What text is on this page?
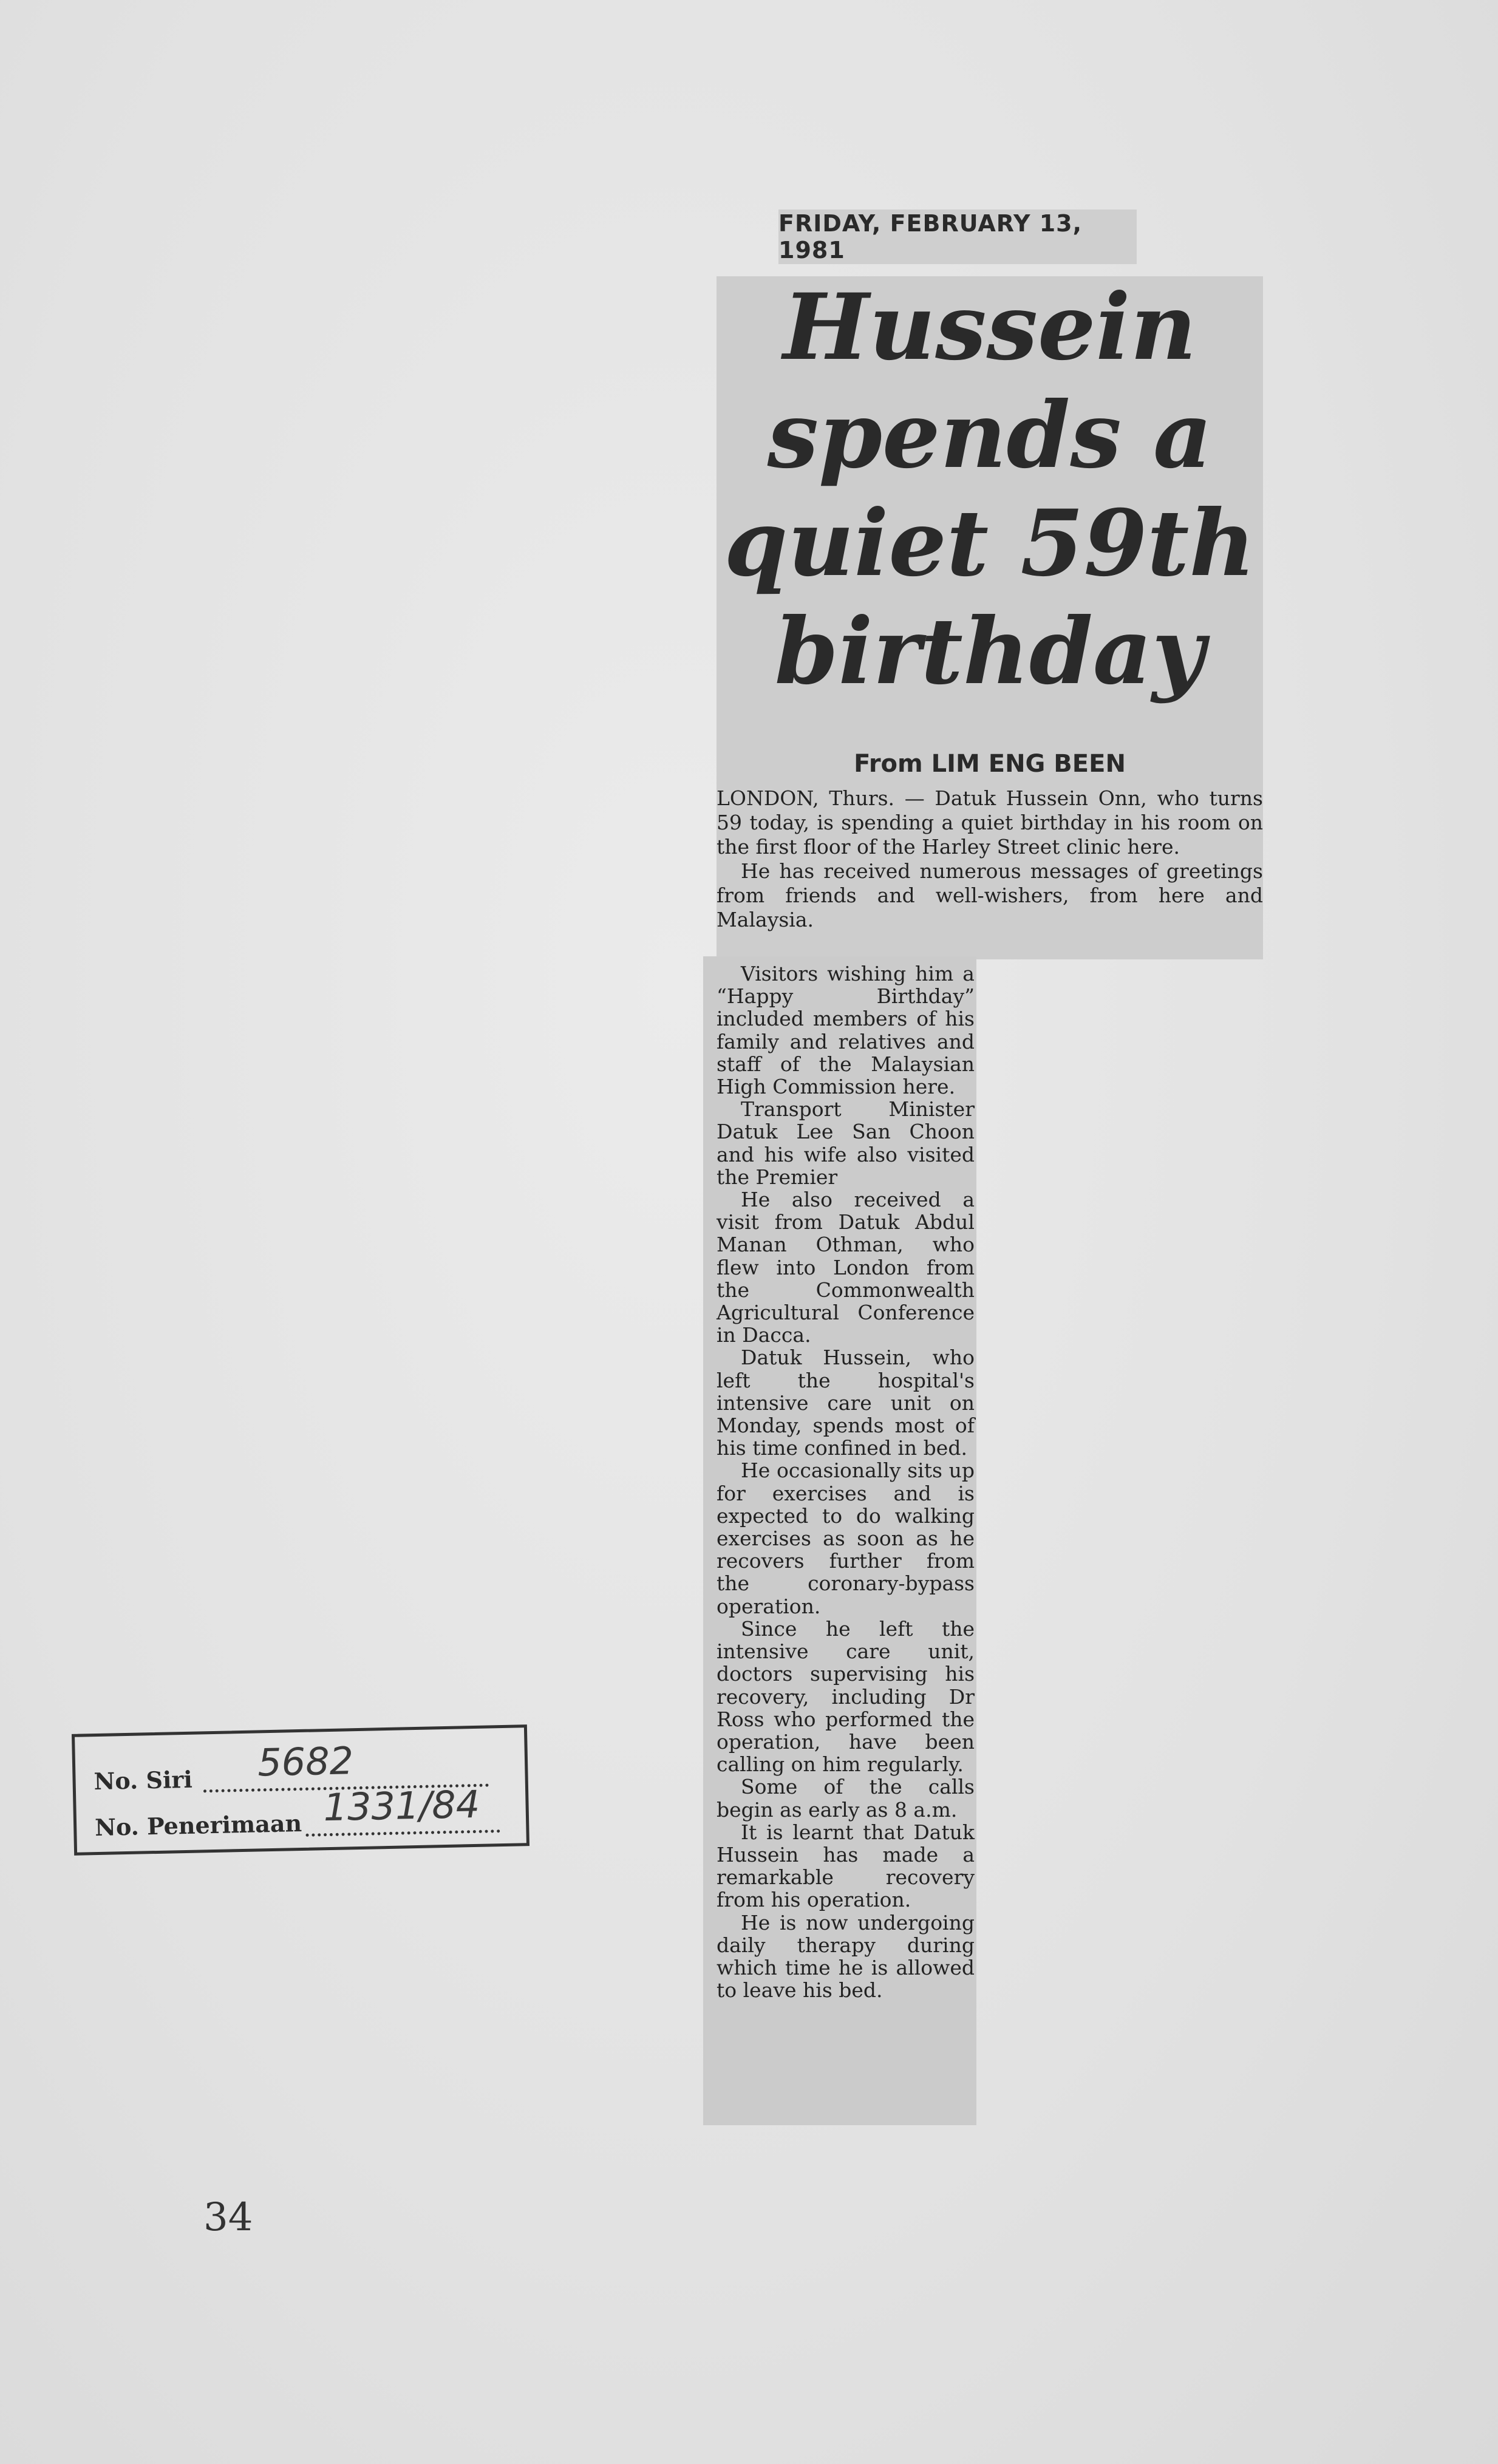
FRIDAY, FEBRUARY 13, 1981
Hussein
spends a
quiet 59th
birthday
From LIM ENG BEEN

LONDON, Thurs. — Datuk Hussein Onn, who turns 59 today, is spending a quiet birthday in his room on the first floor of the Harley Street clinic here.

He has received numerous messages of greetings from friends and well-wishers, from here and Malaysia.

Visitors wishing him a “Happy Birthday” included members of his family and relatives and staff of the Malaysian High Commission here.

Transport Minister Datuk Lee San Choon and his wife also visited the Premier

He also received a visit from Datuk Abdul Manan Othman, who flew into London from the Commonwealth Agricultural Conference in Dacca.

Datuk Hussein, who left the hospital's intensive care unit on Monday, spends most of his time confined in bed.

He occasionally sits up for exercises and is expected to do walking exercises as soon as he recovers further from the coronary-bypass operation.

Since he left the intensive care unit, doctors supervising his recovery, including Dr Ross who performed the operation, have been calling on him regularly.

Some of the calls begin as early as 8 a.m.

It is learnt that Datuk Hussein has made a remarkable recovery from his operation.

He is now undergoing daily therapy during which time he is allowed to leave his bed.

No. Siri 5682
No. Penerimaan 1331/84
34
